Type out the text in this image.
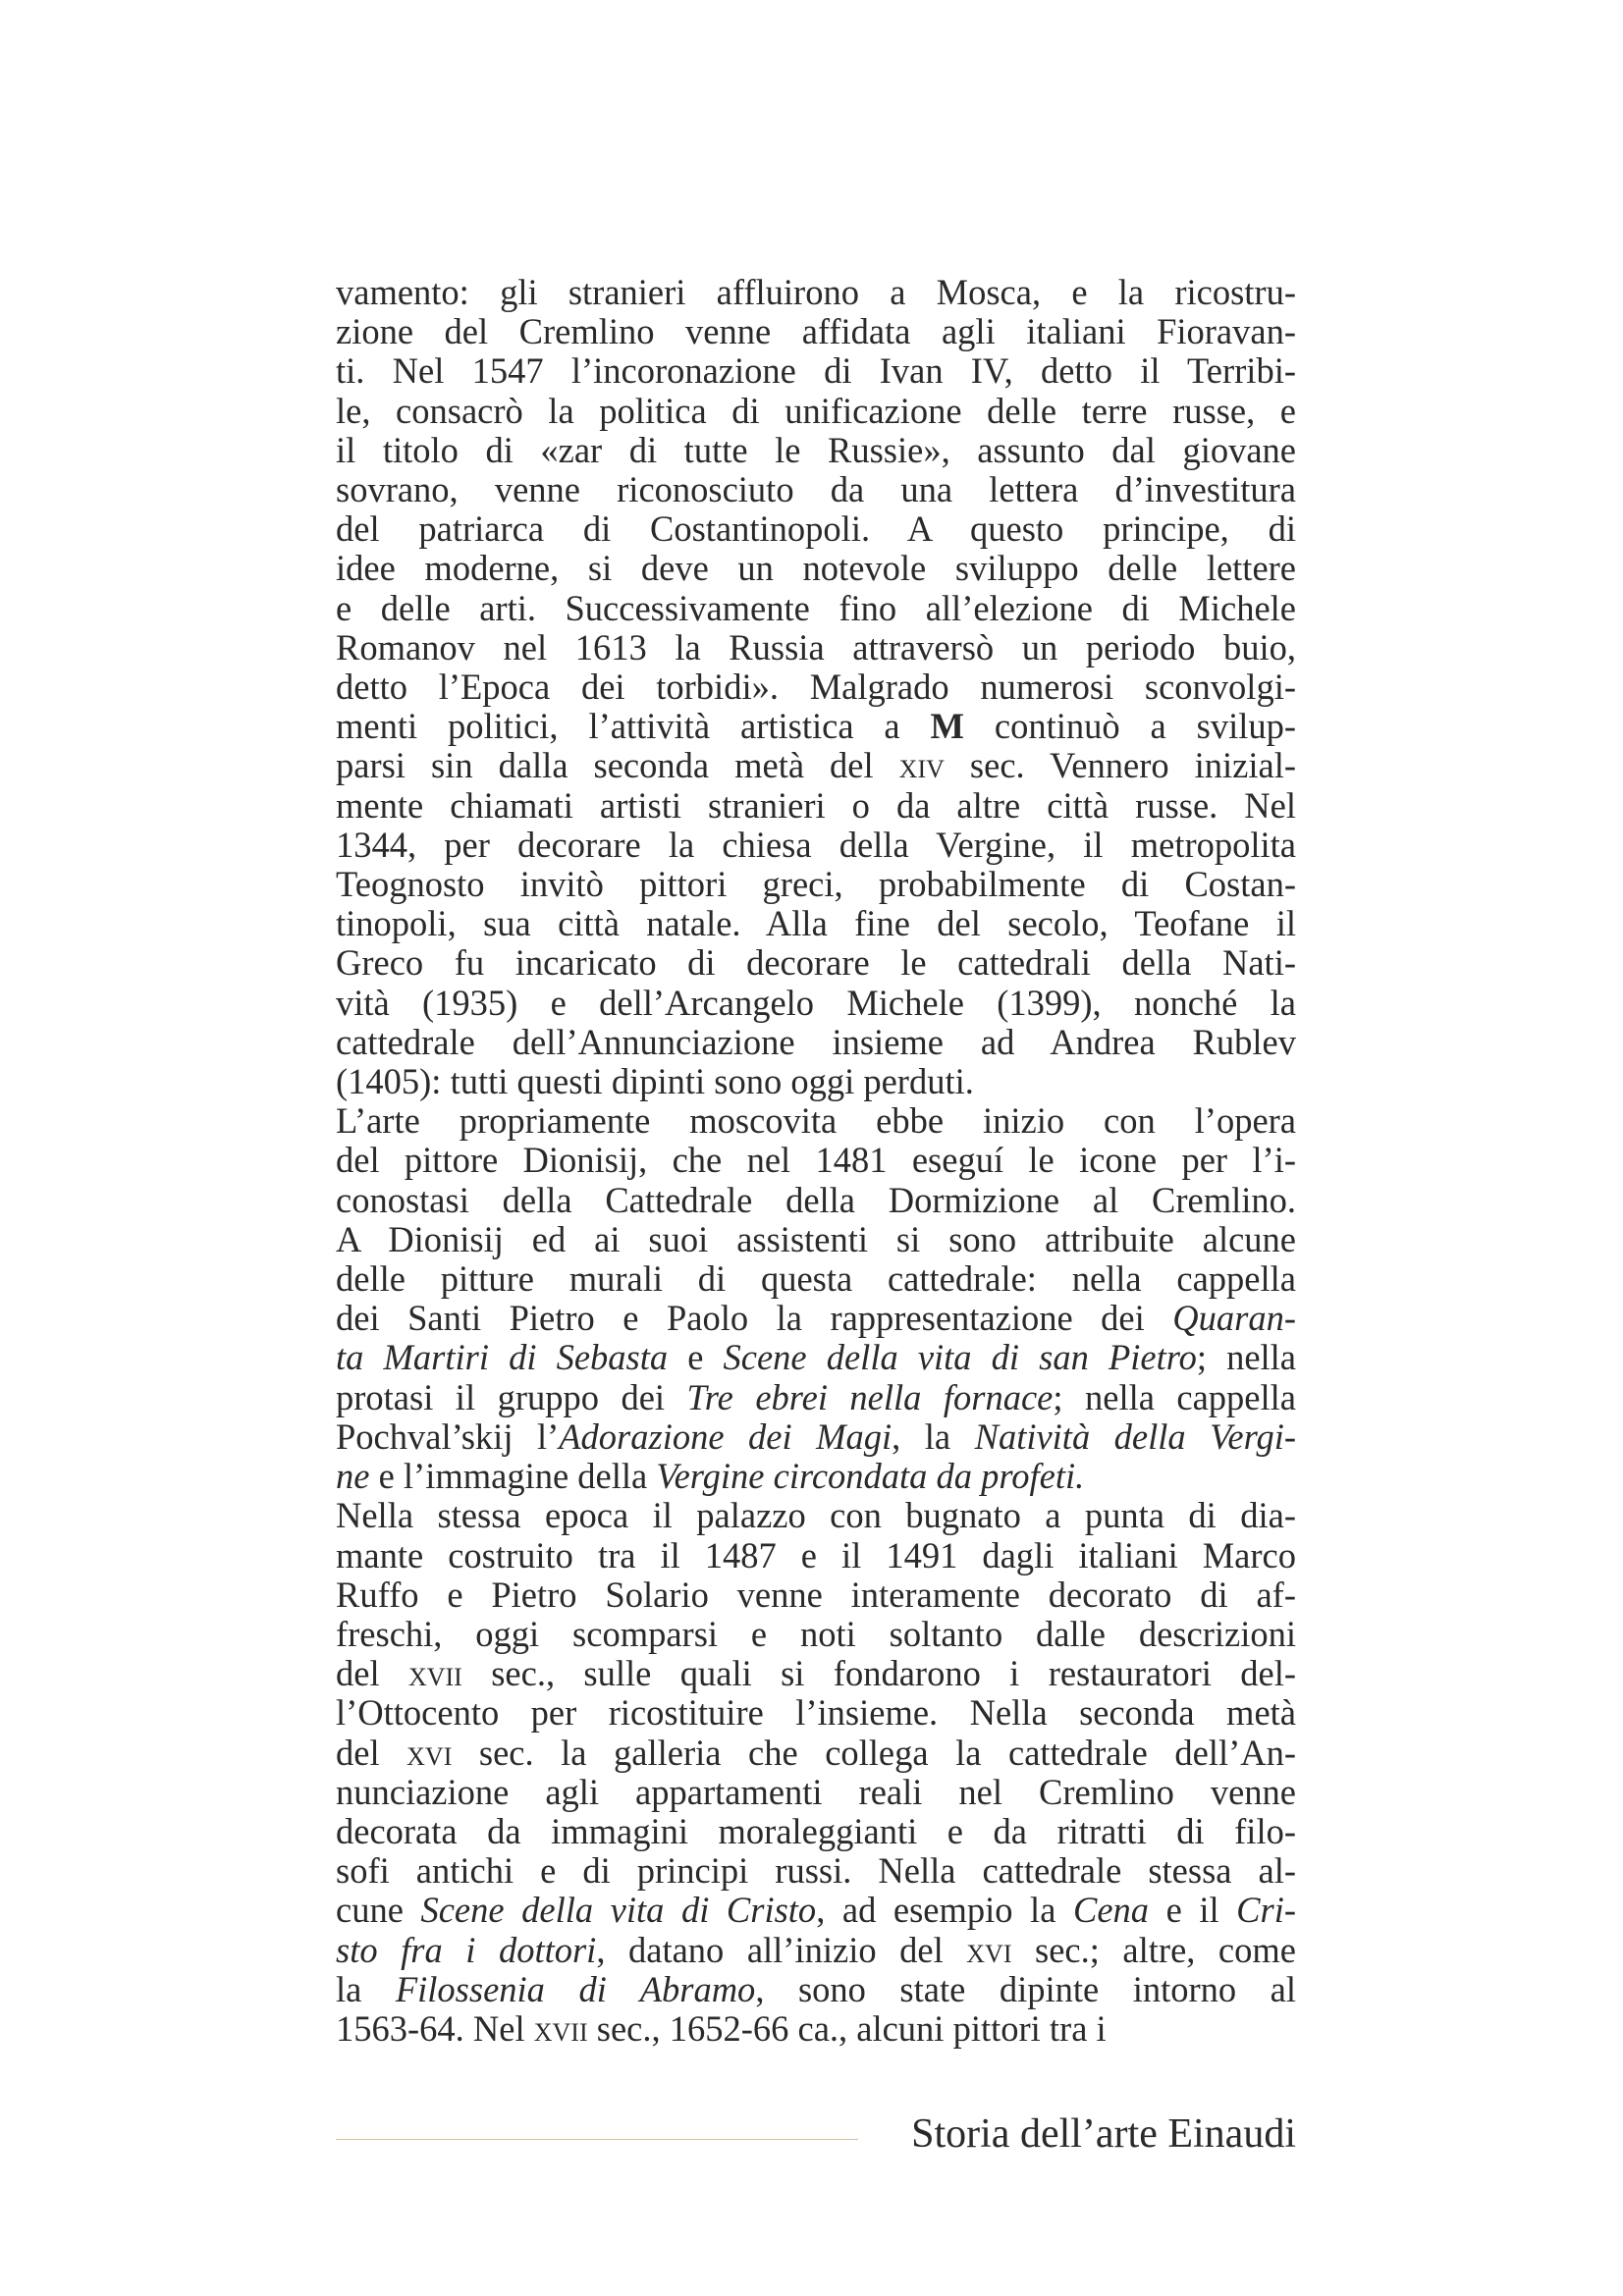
vamento: gli stranieri affluirono a Mosca, e la ricostru-
zione del Cremlino venne affidata agli italiani Fioravan-
ti. Nel 1547 l’incoronazione di Ivan IV, detto il Terribi-
le, consacrò la politica di unificazione delle terre russe, e
il titolo di «zar di tutte le Russie», assunto dal giovane
sovrano, venne riconosciuto da una lettera d’investitura
del patriarca di Costantinopoli. A questo principe, di
idee moderne, si deve un notevole sviluppo delle lettere
e delle arti. Successivamente fino all’elezione di Michele
Romanov nel 1613 la Russia attraversò un periodo buio,
detto l’Epoca dei torbidi». Malgrado numerosi sconvolgi-
menti politici, l’attività artistica a M continuò a svilup-
parsi sin dalla seconda metà del xiv sec. Vennero inizial-
mente chiamati artisti stranieri o da altre città russe. Nel
1344, per decorare la chiesa della Vergine, il metropolita
Teognosto invitò pittori greci, probabilmente di Costan-
tinopoli, sua città natale. Alla fine del secolo, Teofane il
Greco fu incaricato di decorare le cattedrali della Nati-
vità (1935) e dell’Arcangelo Michele (1399), nonché la
cattedrale dell’Annunciazione insieme ad Andrea Rublev
(1405): tutti questi dipinti sono oggi perduti.
L’arte propriamente moscovita ebbe inizio con l’opera
del pittore Dionisij, che nel 1481 eseguí le icone per l’i-
conostasi della Cattedrale della Dormizione al Cremlino.
A Dionisij ed ai suoi assistenti si sono attribuite alcune
delle pitture murali di questa cattedrale: nella cappella
dei Santi Pietro e Paolo la rappresentazione dei Quaran-
ta Martiri di Sebasta e Scene della vita di san Pietro; nella
protasi il gruppo dei Tre ebrei nella fornace; nella cappella
Pochval’skij l’Adorazione dei Magi, la Natività della Vergi-
ne e l’immagine della Vergine circondata da profeti.
Nella stessa epoca il palazzo con bugnato a punta di dia-
mante costruito tra il 1487 e il 1491 dagli italiani Marco
Ruffo e Pietro Solario venne interamente decorato di af-
freschi, oggi scomparsi e noti soltanto dalle descrizioni
del xvii sec., sulle quali si fondarono i restauratori del-
l’Ottocento per ricostituire l’insieme. Nella seconda metà
del xvi sec. la galleria che collega la cattedrale dell’An-
nunciazione agli appartamenti reali nel Cremlino venne
decorata da immagini moraleggianti e da ritratti di filo-
sofi antichi e di principi russi. Nella cattedrale stessa al-
cune Scene della vita di Cristo, ad esempio la Cena e il Cri-
sto fra i dottori, datano all’inizio del xvi sec.; altre, come
la Filossenia di Abramo, sono state dipinte intorno al
1563-64. Nel xvii sec., 1652-66 ca., alcuni pittori tra i
Storia dell’arte Einaudi
